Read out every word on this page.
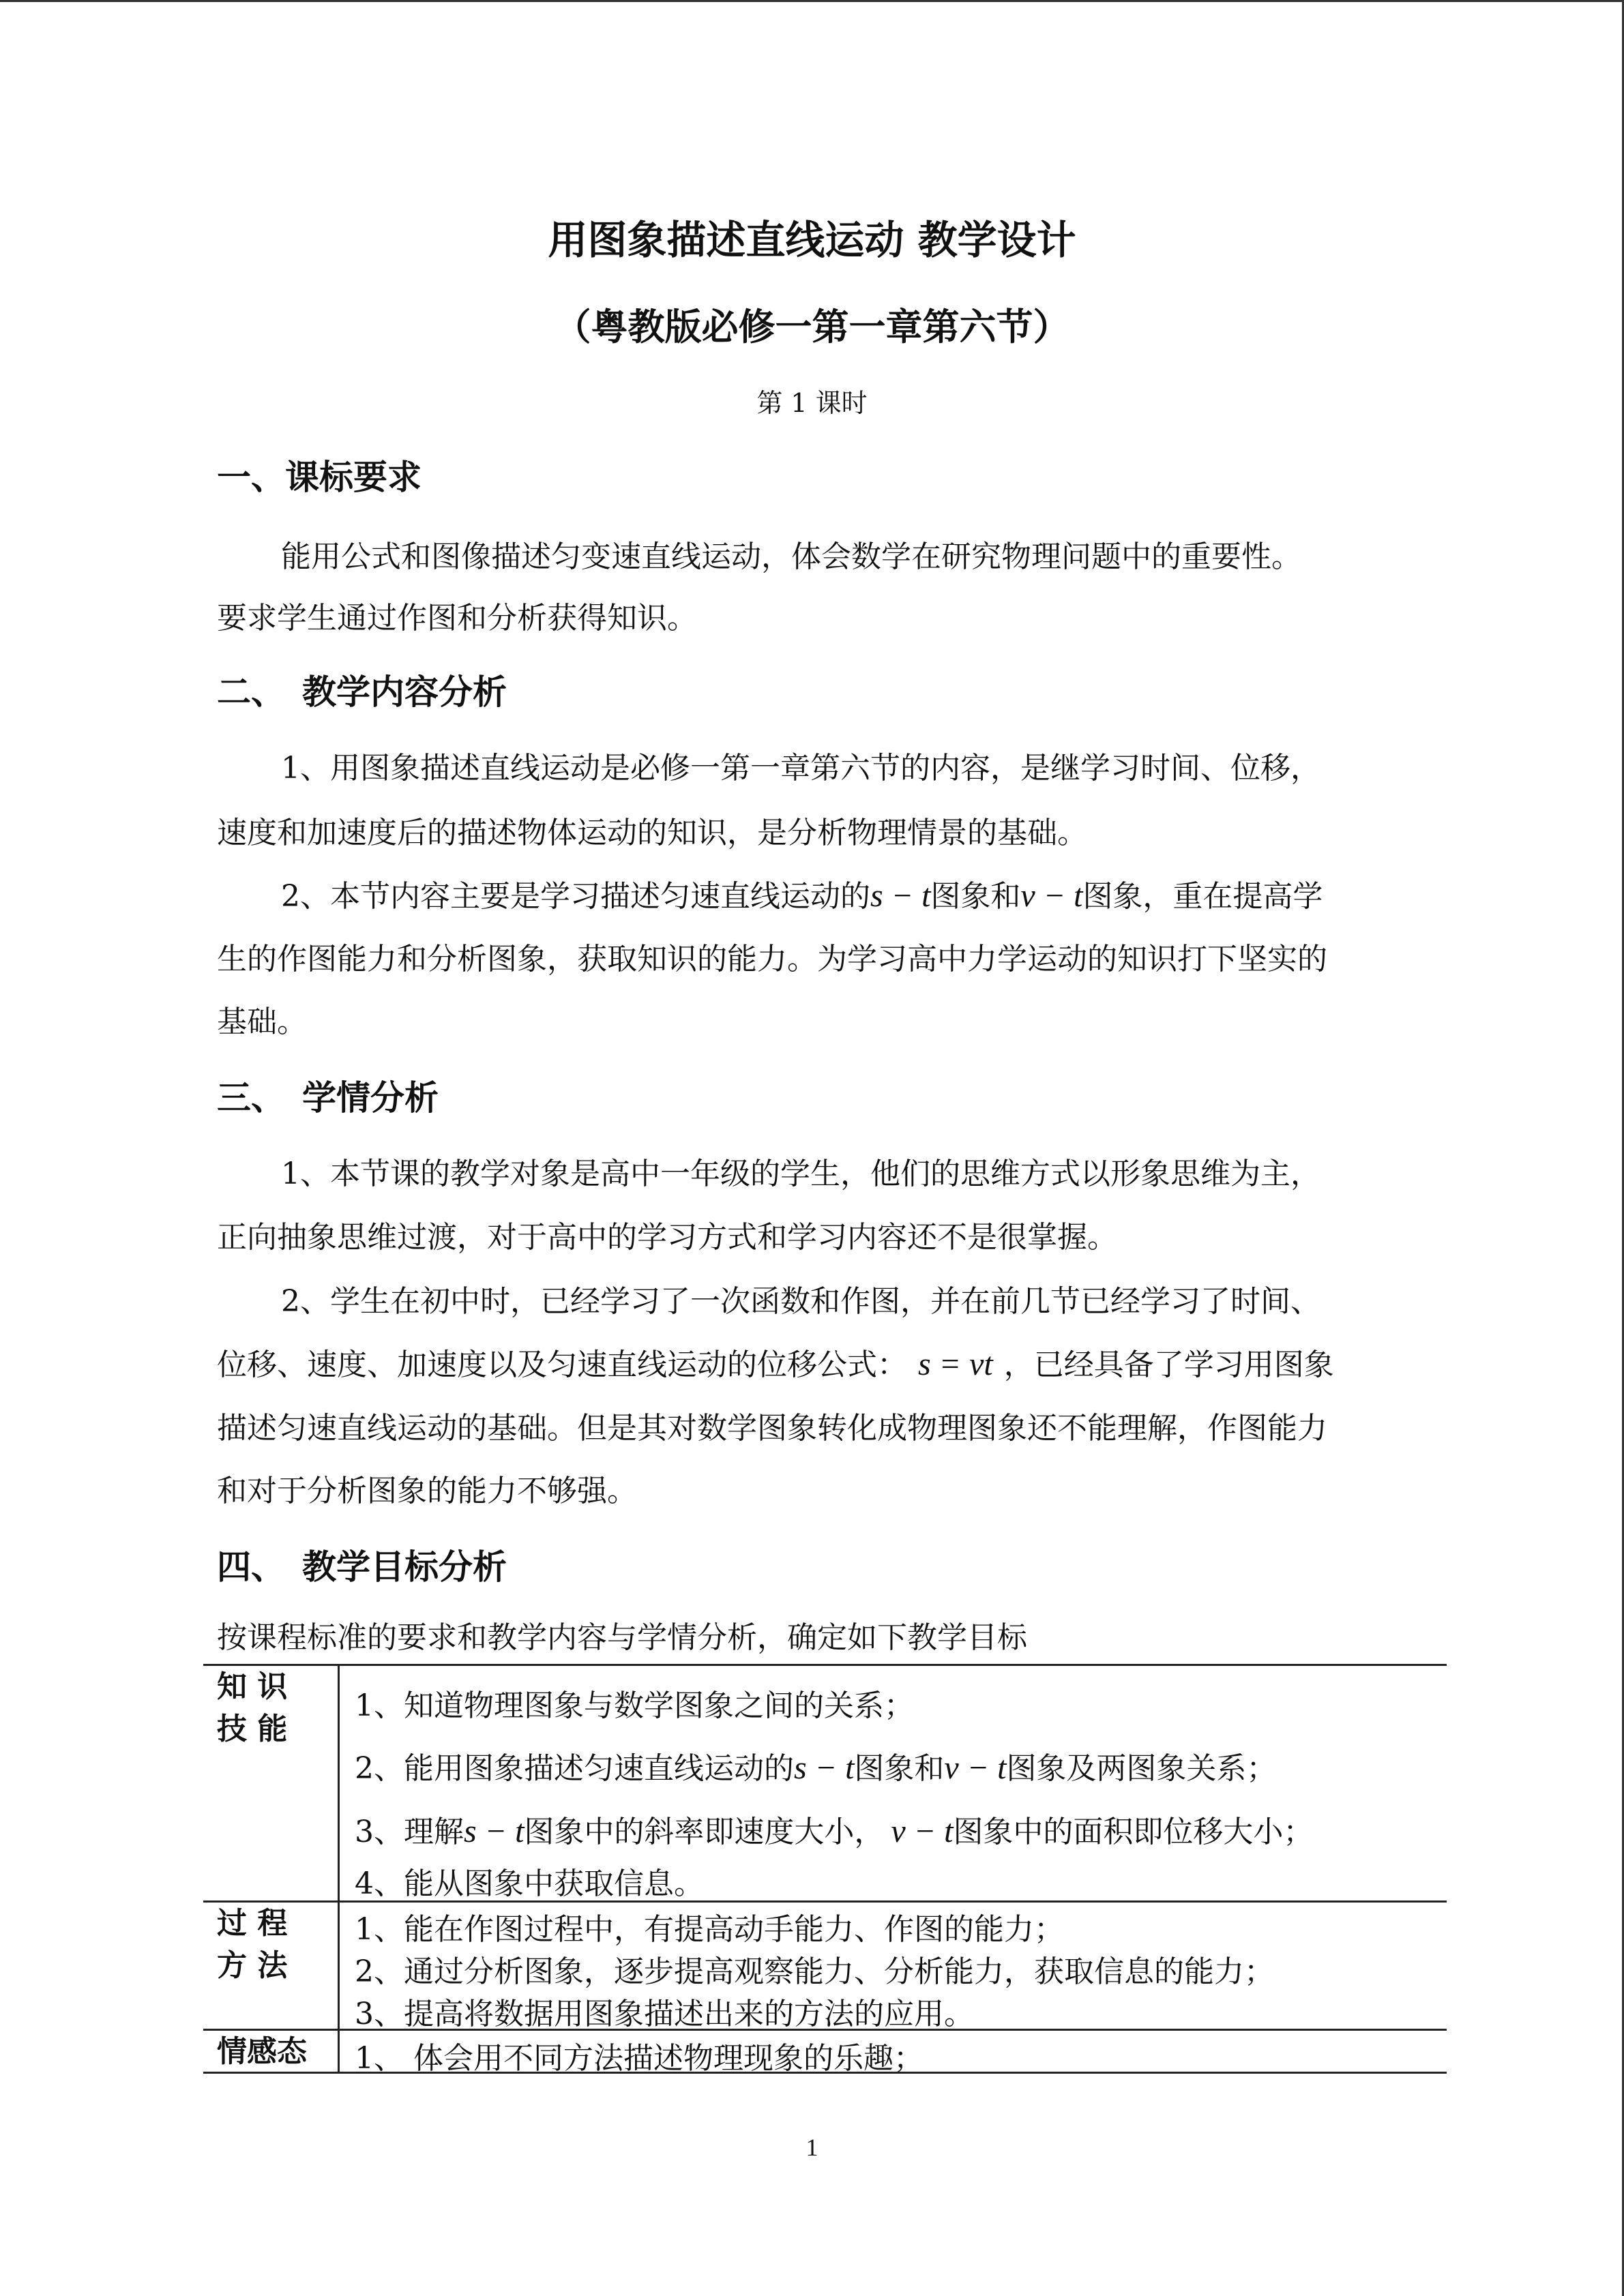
用图象描述直线运动 教学设计
（粤教版必修一第一章第六节）
第 1 课时
一、课标要求
能用公式和图像描述匀变速直线运动，体会数学在研究物理问题中的重要性。
要求学生通过作图和分析获得知识。
二、　教学内容分析
1、用图象描述直线运动是必修一第一章第六节的内容，是继学习时间、位移，
速度和加速度后的描述物体运动的知识，是分析物理情景的基础。
2、本节内容主要是学习描述匀速直线运动的s − t图象和v − t图象，重在提高学
生的作图能力和分析图象，获取知识的能力。为学习高中力学运动的知识打下坚实的
基础。
三、　学情分析
1、本节课的教学对象是高中一年级的学生，他们的思维方式以形象思维为主，
正向抽象思维过渡，对于高中的学习方式和学习内容还不是很掌握。
2、学生在初中时，已经学习了一次函数和作图，并在前几节已经学习了时间、
位移、速度、加速度以及匀速直线运动的位移公式： s = vt ，已经具备了学习用图象
描述匀速直线运动的基础。但是其对数学图象转化成物理图象还不能理解，作图能力
和对于分析图象的能力不够强。
四、　教学目标分析
按课程标准的要求和教学内容与学情分析，确定如下教学目标
知 识
技 能
1、知道物理图象与数学图象之间的关系；
2、能用图象描述匀速直线运动的s − t图象和v − t图象及两图象关系；
3、理解s − t图象中的斜率即速度大小， v − t图象中的面积即位移大小；
4、能从图象中获取信息。
过 程
方 法
1、能在作图过程中，有提高动手能力、作图的能力；
2、通过分析图象，逐步提高观察能力、分析能力，获取信息的能力；
3、提高将数据用图象描述出来的方法的应用。
情感态 1、 体会用不同方法描述物理现象的乐趣；
1
